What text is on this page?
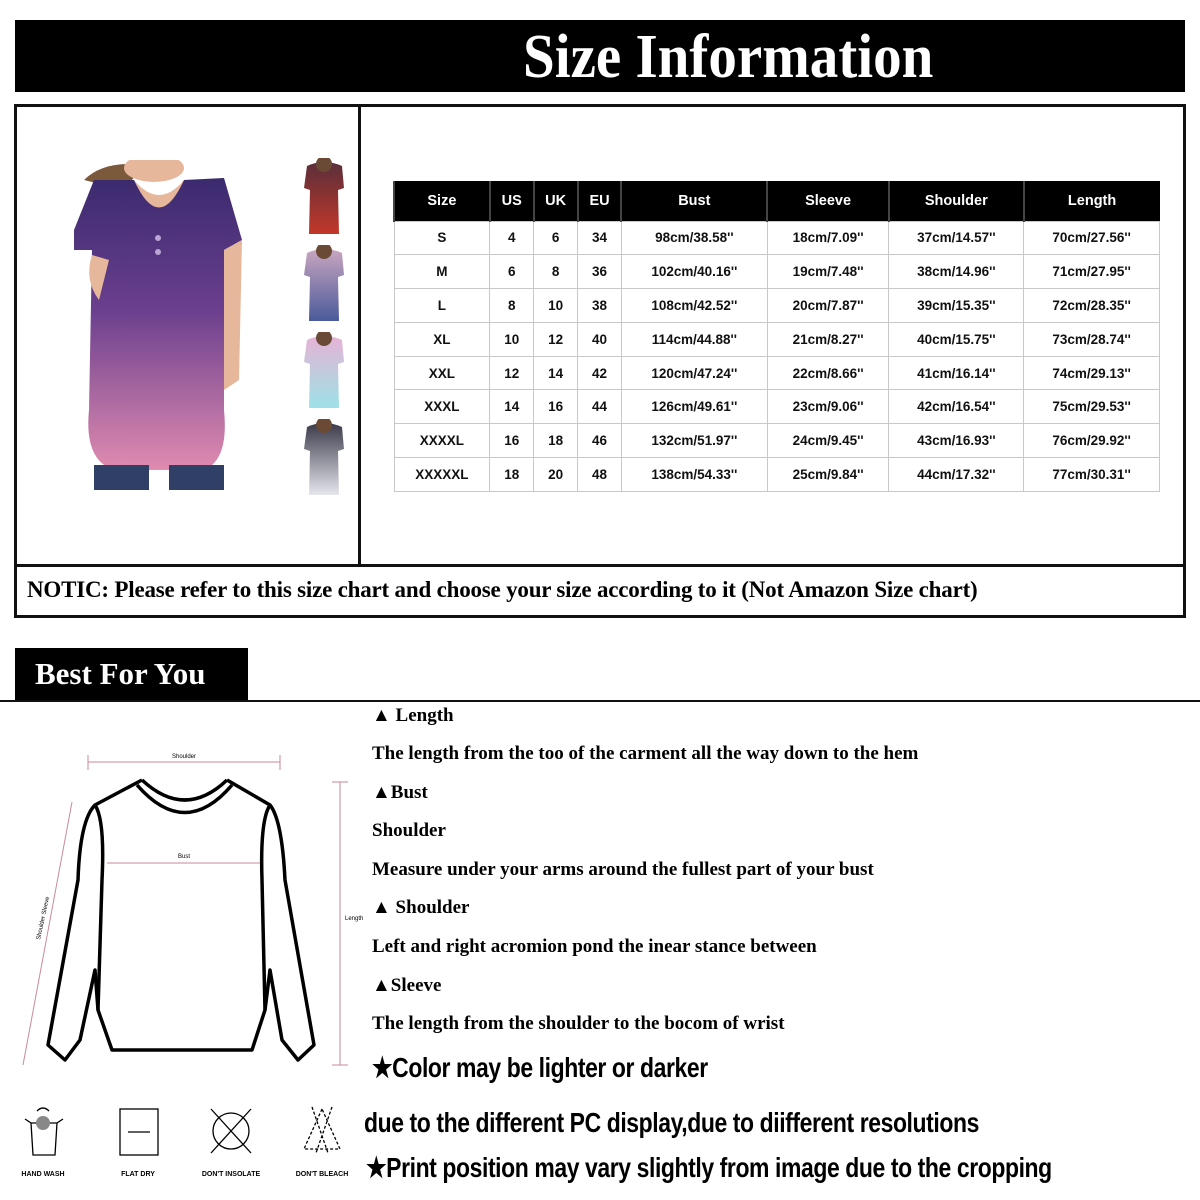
Size Information
NOTIC: Please refer to this size chart and choose your size according to it (Not Amazon Size chart)

Size	US	UK	EU	Bust	Sleeve	Shoulder	Length
S	4	6	34	98cm/38.58''	18cm/7.09''	37cm/14.57''	70cm/27.56''
M	6	8	36	102cm/40.16''	19cm/7.48''	38cm/14.96''	71cm/27.95''
L	8	10	38	108cm/42.52''	20cm/7.87''	39cm/15.35''	72cm/28.35''
XL	10	12	40	114cm/44.88''	21cm/8.27''	40cm/15.75''	73cm/28.74''
XXL	12	14	42	120cm/47.24''	22cm/8.66''	41cm/16.14''	74cm/29.13''
XXXL	14	16	44	126cm/49.61''	23cm/9.06''	42cm/16.54''	75cm/29.53''
XXXXL	16	18	46	132cm/51.97''	24cm/9.45''	43cm/16.93''	76cm/29.92''
XXXXXL	18	20	48	138cm/54.33''	25cm/9.84''	44cm/17.32''	77cm/30.31''
Best For You
Shoulder
Bust
Length
Shoulder Sleeve
▲ Length
The length from the too of the carment all the way down to the hem
▲Bust
Shoulder
Measure under your arms around the fullest part of your bust
▲ Shoulder
Left and right acromion pond the inear stance between
▲Sleeve
The length from the shoulder to the bocom of wrist
★Color may be lighter or darker
due to the different PC display,due to diifferent resolutions
★Print position may vary slightly from image due to the cropping
HAND WASH	FLAT DRY	DON'T INSOLATE	DON'T BLEACH
